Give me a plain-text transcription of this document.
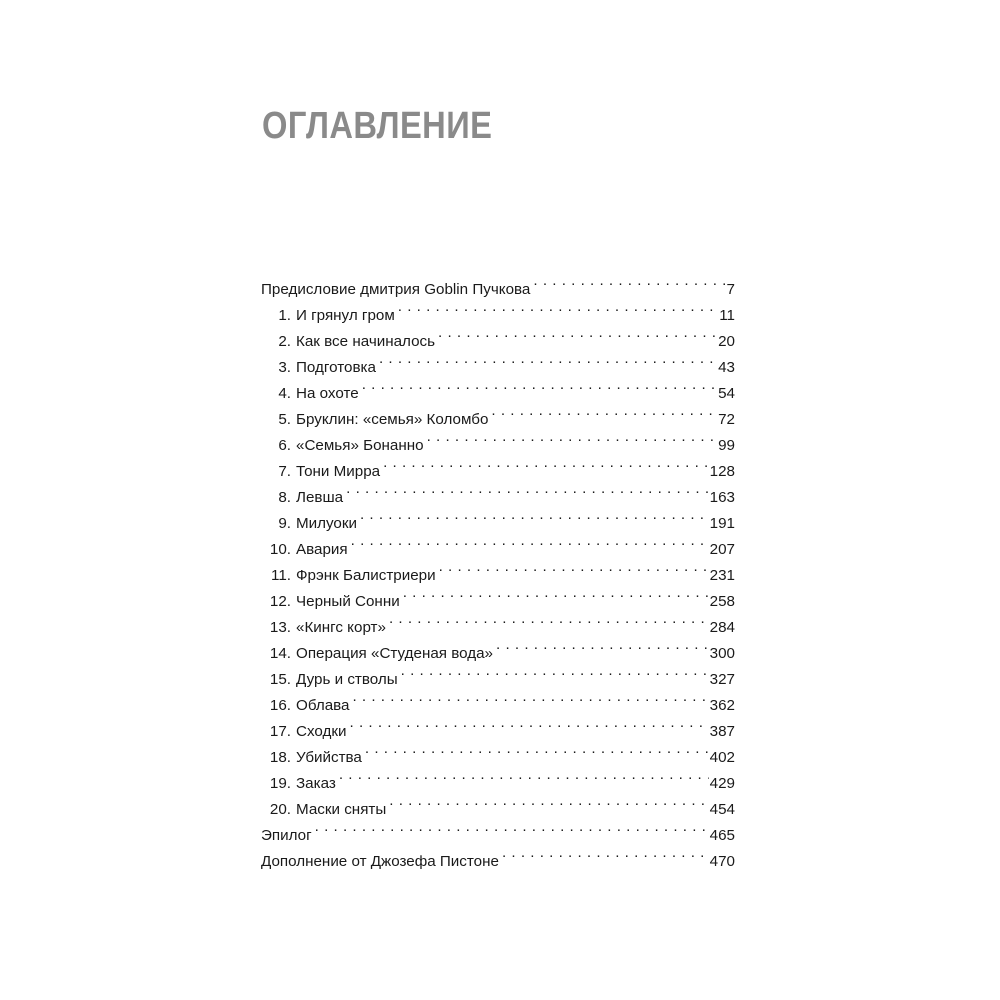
ОГЛАВЛЕНИЕ
Предисловие дмитрия Goblin Пучкова . . .	7
1. И грянул гром . . .	11
2. Как все начиналось . . .	20
3. Подготовка . . .	43
4. На охоте . . .	54
5. Бруклин: «семья» Коломбо . . .	72
6. «Семья» Бонанно . . .	99
7. Тони Мирра . . .	128
8. Левша . . .	163
9. Милуоки . . .	191
10. Авария . . .	207
11. Фрэнк Балистриери . . .	231
12. Черный Сонни . . .	258
13. «Кингс корт» . . .	284
14. Операция «Студеная вода» . . .	300
15. Дурь и стволы . . .	327
16. Облава . . .	362
17. Сходки . . .	387
18. Убийства . . .	402
19. Заказ . . .	429
20. Маски сняты . . .	454
Эпилог . . .	465
Дополнение от Джозефа Пистоне . . .	470
